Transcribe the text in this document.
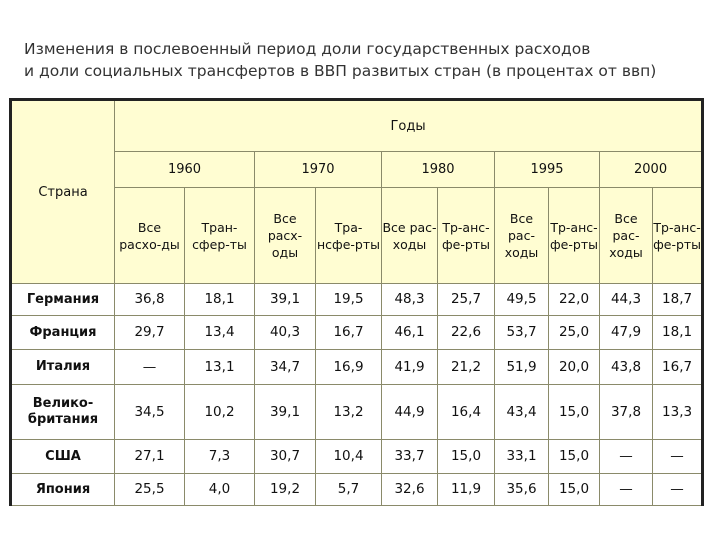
Изменения в послевоенный период доли государственных расходов
и доли социальных трансфертов в ВВП развитых стран (в процентах от ввп)
Страна	Годы									
	1960		1970		1980		1995		2000	
	Все расхо-ды	Тран-сфер-ты	Все расх-оды	Тра-нсфе-рты	Все рас-ходы	Тр-анс-фе-рты	Все рас-ходы	Тр-анс-фе-рты	Все рас-ходы	Тр-анс-фе-рты
Германия	36,8	18,1	39,1	19,5	48,3	25,7	49,5	22,0	44,3	18,7
Франция	29,7	13,4	40,3	16,7	46,1	22,6	53,7	25,0	47,9	18,1
Италия	—	13,1	34,7	16,9	41,9	21,2	51,9	20,0	43,8	16,7
Велико-британия	34,5	10,2	39,1	13,2	44,9	16,4	43,4	15,0	37,8	13,3
США	27,1	7,3	30,7	10,4	33,7	15,0	33,1	15,0	—	—
Япония	25,5	4,0	19,2	5,7	32,6	11,9	35,6	15,0	—	—
